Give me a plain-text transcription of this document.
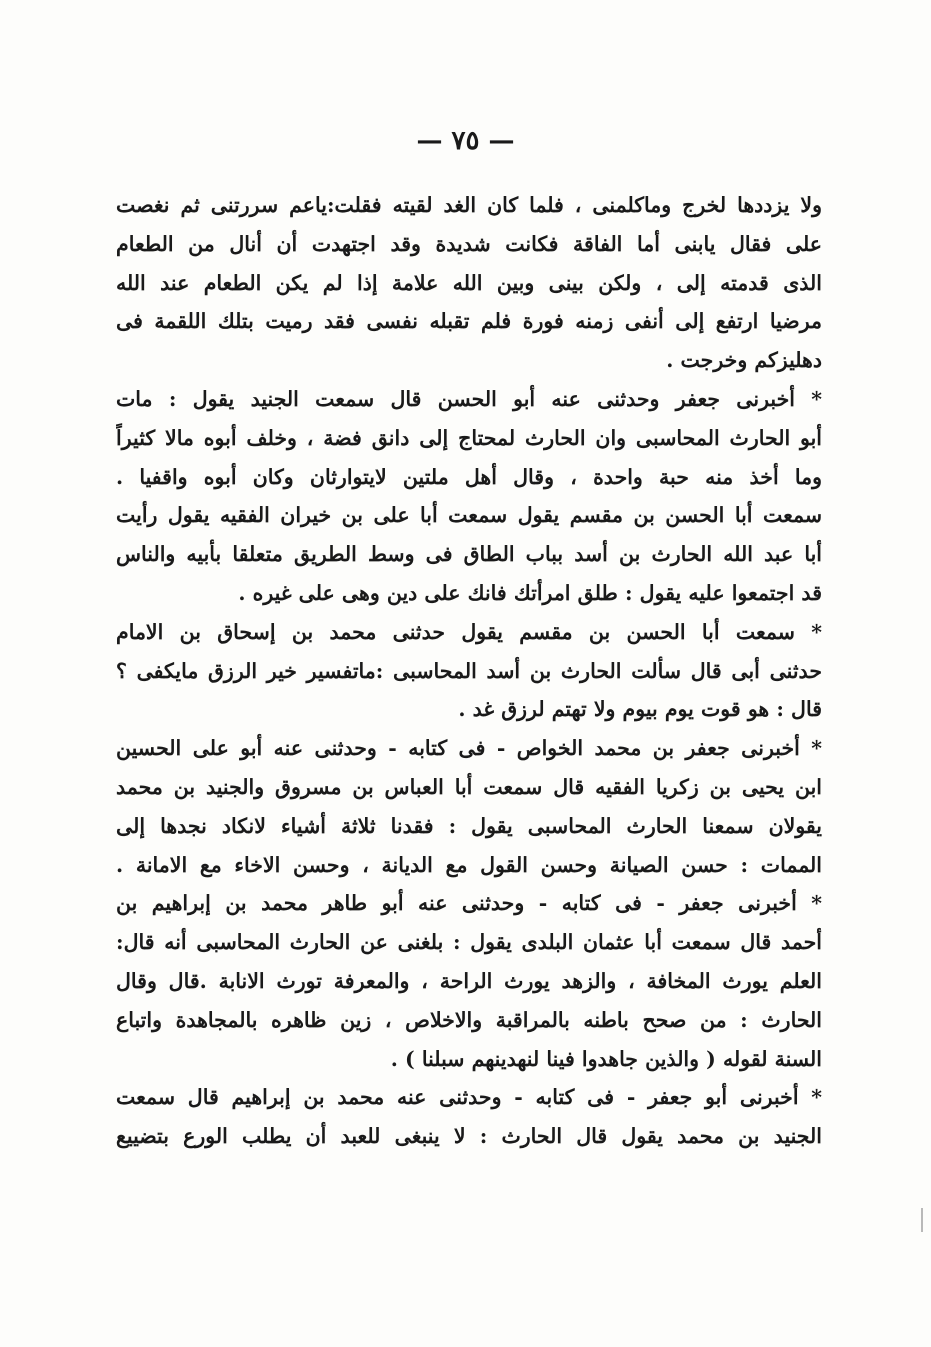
— ٧٥ —
ولا يزددها لخرج وماكلمنى ، فلما كان الغد لقيته فقلت:ياعم سررتنى ثم نغصت
على فقال يابنى أما الفاقة فكانت شديدة وقد اجتهدت أن أنال من الطعام
الذى قدمته إلى ، ولكن بينى وبين الله علامة إذا لم يكن الطعام عند الله
مرضيا ارتفع إلى أنفى زمنه فورة فلم تقبله نفسى فقد رميت بتلك اللقمة فى
دهليزكم وخرجت .
* أخبرنى جعفر وحدثنى عنه أبو الحسن قال سمعت الجنيد يقول : مات
أبو الحارث المحاسبى وان الحارث لمحتاج إلى دانق فضة ، وخلف أبوه مالا كثيراً
وما أخذ منه حبة واحدة ، وقال أهل ملتين لايتوارثان وكان أبوه واقفيا .
سمعت أبا الحسن بن مقسم يقول سمعت أبا على بن خيران الفقيه يقول رأيت
أبا عبد الله الحارث بن أسد بباب الطاق فى وسط الطريق متعلقا بأبيه والناس
قد اجتمعوا عليه يقول : طلق امرأتك فانك على دين وهى على غيره .
* سمعت أبا الحسن بن مقسم يقول حدثنى محمد بن إسحاق بن الامام
حدثنى أبى قال سألت الحارث بن أسد المحاسبى :ماتفسير خير الرزق مايكفى ؟
قال : هو قوت يوم بيوم ولا تهتم لرزق غد .
* أخبرنى جعفر بن محمد الخواص - فى كتابه - وحدثنى عنه أبو على الحسين
ابن يحيى بن زكريا الفقيه قال سمعت أبا العباس بن مسروق والجنيد بن محمد
يقولان سمعنا الحارث المحاسبى يقول : فقدنا ثلاثة أشياء لانكاد نجدها إلى
الممات : حسن الصيانة وحسن القول مع الديانة ، وحسن الاخاء مع الامانة .
* أخبرنى جعفر - فى كتابه - وحدثنى عنه أبو طاهر محمد بن إبراهيم بن
أحمد قال سمعت أبا عثمان البلدى يقول : بلغنى عن الحارث المحاسبى أنه قال:
العلم يورث المخافة ، والزهد يورث الراحة ، والمعرفة تورث الانابة .قال وقال
الحارث : من صحح باطنه بالمراقبة والاخلاص ، زين ظاهره بالمجاهدة واتباع
السنة لقوله ( والذين جاهدوا فينا لنهدينهم سبلنا ) .
* أخبرنى أبو جعفر - فى كتابه - وحدثنى عنه محمد بن إبراهيم قال سمعت
الجنيد بن محمد يقول قال الحارث : لا ينبغى للعبد أن يطلب الورع بتضييع
